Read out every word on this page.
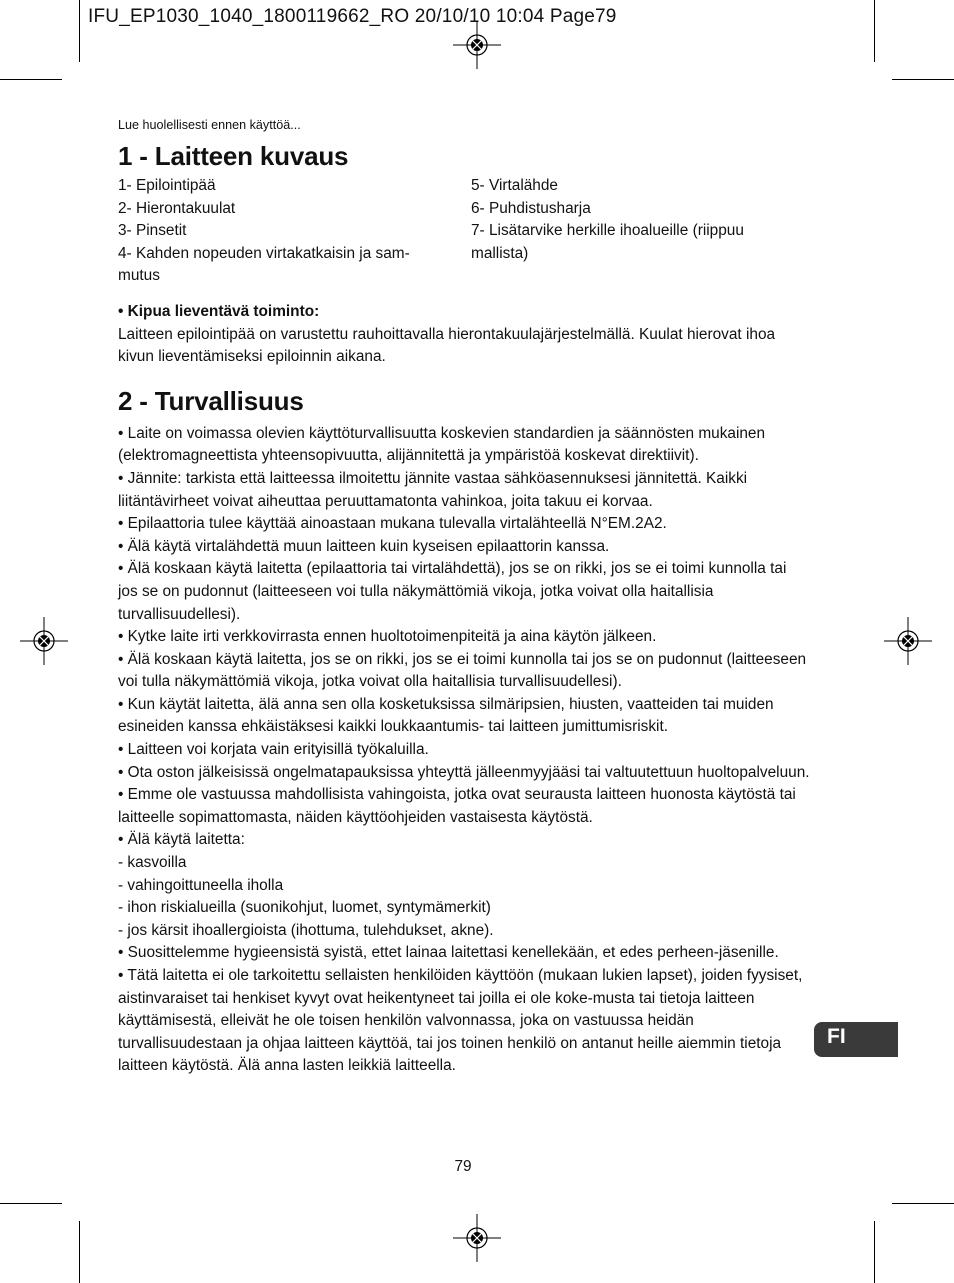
IFU_EP1030_1040_1800119662_RO 20/10/10 10:04 Page79

Lue huolellisesti ennen käyttöä...

1 - Laitteen kuvaus
1- Epilointipää
2- Hierontakuulat
3- Pinsetit
4- Kahden nopeuden virtakatkaisin ja sam-
mutus
5- Virtalähde
6- Puhdistusharja
7- Lisätarvike herkille ihoalueille (riippuu
mallista)
• Kipua lieventävä toiminto:
Laitteen epilointipää on varustettu rauhoittavalla hierontakuulajärjestelmällä. Kuulat hierovat ihoa kivun lieventämiseksi epiloinnin aikana.
2 - Turvallisuus
• Laite on voimassa olevien käyttöturvallisuutta koskevien standardien ja säännösten mukainen (elektromagneettista yhteensopivuutta, alijännitettä ja ympäristöä koskevat direktiivit).
• Jännite: tarkista että laitteessa ilmoitettu jännite vastaa sähköasennuksesi jännitettä. Kaikki liitäntävirheet voivat aiheuttaa peruuttamatonta vahinkoa, joita takuu ei korvaa.
• Epilaattoria tulee käyttää ainoastaan mukana tulevalla virtalähteellä N°EM.2A2.
• Älä käytä virtalähdettä muun laitteen kuin kyseisen epilaattorin kanssa.
• Älä koskaan käytä laitetta (epilaattoria tai virtalähdettä), jos se on rikki, jos se ei toimi kunnolla tai jos se on pudonnut (laitteeseen voi tulla näkymättömiä vikoja, jotka voivat olla haitallisia turvallisuudellesi).
• Kytke laite irti verkkovirrasta ennen huoltotoimenpiteitä ja aina käytön jälkeen.
• Älä koskaan käytä laitetta, jos se on rikki, jos se ei toimi kunnolla tai jos se on pudonnut (laitteeseen voi tulla näkymättömiä vikoja, jotka voivat olla haitallisia turvallisuudellesi).
• Kun käytät laitetta, älä anna sen olla kosketuksissa silmäripsien, hiusten, vaatteiden tai muiden esineiden kanssa ehkäistäksesi kaikki loukkaantumis- tai laitteen jumittumisriskit.
• Laitteen voi korjata vain erityisillä työkaluilla.
• Ota oston jälkeisissä ongelmatapauksissa yhteyttä jälleenmyyjääsi tai valtuutettuun huoltopalveluun.
• Emme ole vastuussa mahdollisista vahingoista, jotka ovat seurausta laitteen huonosta käytöstä tai laitteelle sopimattomasta, näiden käyttöohjeiden vastaisesta käytöstä.
• Älä käytä laitetta:
- kasvoilla
- vahingoittuneella iholla
- ihon riskialueilla (suonikohjut, luomet, syntymämerkit)
- jos kärsit ihoallergioista (ihottuma, tulehdukset, akne).
• Suosittelemme hygieensistä syistä, ettet lainaa laitettasi kenellekään, et edes perheen-jäsenille.
• Tätä laitetta ei ole tarkoitettu sellaisten henkilöiden käyttöön (mukaan lukien lapset), joiden fyysiset, aistinvaraiset tai henkiset kyvyt ovat heikentyneet tai joilla ei ole koke-musta tai tietoja laitteen käyttämisestä, elleivät he ole toisen henkilön valvonnassa, joka on vastuussa heidän turvallisuudestaan ja ohjaa laitteen käyttöä, tai jos toinen henkilö on antanut heille aiemmin tietoja laitteen käytöstä. Älä anna lasten leikkiä laitteella.
FI
79
